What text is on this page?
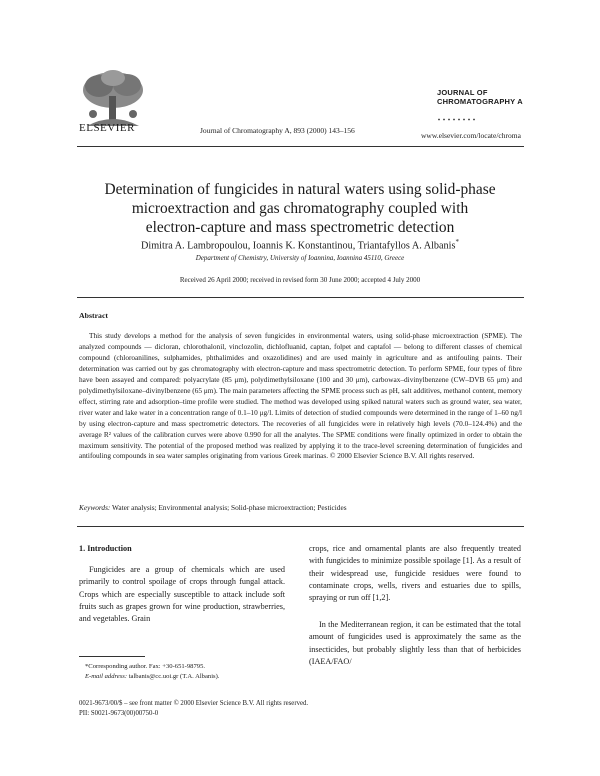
ELSEVIER	Journal of Chromatography A, 893 (2000) 143–156
JOURNAL OF
CHROMATOGRAPHY A
www.elsevier.com/locate/chroma
Determination of fungicides in natural waters using solid-phase
microextraction and gas chromatography coupled with
electron-capture and mass spectrometric detection
Dimitra A. Lambropoulou, Ioannis K. Konstantinou, Triantafyllos A. Albanis*
Department of Chemistry, University of Ioannina, Ioannina 45110, Greece
Received 26 April 2000; received in revised form 30 June 2000; accepted 4 July 2000
Abstract
This study develops a method for the analysis of seven fungicides in environmental waters, using solid-phase microextraction (SPME). The analyzed compounds — dicloran, chlorothalonil, vinclozolin, dichlofluanid, captan, folpet and captafol — belong to different classes of chemical compound (chloroanilines, sulphamides, phthalimides and oxazolidines) and are used mainly in agriculture and as antifouling paints. Their determination was carried out by gas chromatography with electron-capture and mass spectrometric detection. To perform SPME, four types of fibre have been assayed and compared: polyacrylate (85 μm), polydimethylsiloxane (100 and 30 μm), carbowax–divinylbenzene (CW–DVB 65 μm) and polydimethylsiloxane–divinylbenzene (65 μm). The main parameters affecting the SPME process such as pH, salt additives, methanol content, memory effect, stirring rate and adsorption–time profile were studied. The method was developed using spiked natural waters such as ground water, sea water, river water and lake water in a concentration range of 0.1–10 μg/l. Limits of detection of studied compounds were determined in the range of 1–60 ng/l by using electron-capture and mass spectrometric detectors. The recoveries of all fungicides were in relatively high levels (70.0–124.4%) and the average R² values of the calibration curves were above 0.990 for all the analytes. The SPME conditions were finally optimized in order to obtain the maximum sensitivity. The potential of the proposed method was realized by applying it to the trace-level screening determination of fungicides and antifouling compounds in sea water samples originating from various Greek marinas. © 2000 Elsevier Science B.V. All rights reserved.
Keywords: Water analysis; Environmental analysis; Solid-phase microextraction; Pesticides
1. Introduction
Fungicides are a group of chemicals which are used primarily to control spoilage of crops through fungal attack. Crops which are especially susceptible to attack include soft fruits such as grapes grown for wine production, strawberries, and vegetables. Grain
crops, rice and ornamental plants are also frequently treated with fungicides to minimize possible spoilage [1]. As a result of their widespread use, fungicide residues were found to contaminate crops, wells, rivers and estuaries due to spills, spraying or run off [1,2].
In the Mediterranean region, it can be estimated that the total amount of fungicides used is approximately the same as the insecticides, but probably slightly less than that of herbicides (IAEA/FAO/

*Corresponding author. Fax: +30-651-98795.

E-mail address: talbanis@cc.uoi.gr (T.A. Albanis).

0021-9673/00/$ – see front matter © 2000 Elsevier Science B.V. All rights reserved.
PII: S0021-9673(00)00750-0
